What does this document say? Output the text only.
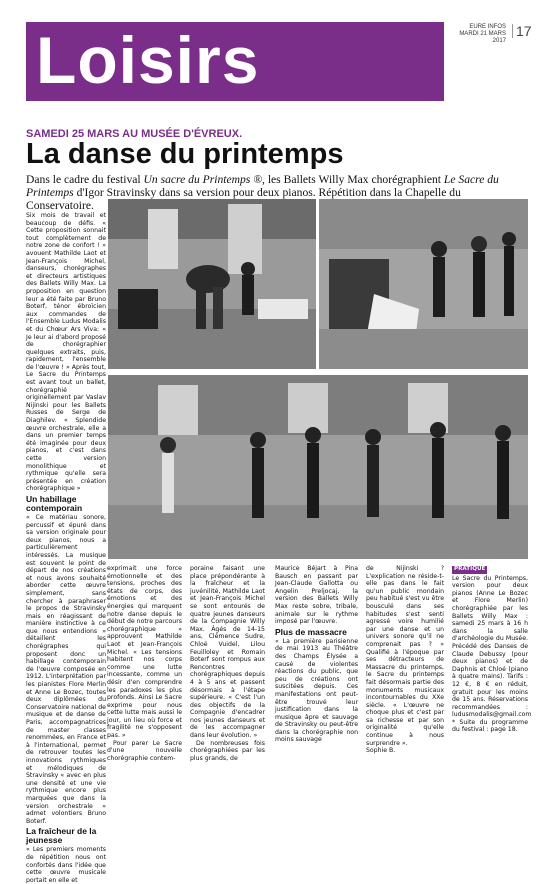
Loisirs	EURE INFOS
MARDI 21 MARS 2017
17
SAMEDI 25 MARS AU MUSÉE D'ÉVREUX.
La danse du printemps
Dans le cadre du festival Un sacre du Printemps ®, les Ballets Willy Max chorégraphient Le Sacre du Printemps d'Igor Stravinsky dans sa version pour deux pianos. Répétition dans la Chapelle du Conservatoire.

Six mois de travail et beaucoup de défis. « Cette proposition sonnait tout complètement de notre zone de confort ! » avouent Mathilde Laot et Jean-François Michel, danseurs, chorégraphes et directeurs artistiques des Ballets Willy Max. La proposition en question leur a été faite par Bruno Boterf, ténor ébroïcien aux commandes de l'Ensemble Ludus Modalis et du Chœur Ars Viva: « Je leur ai d'abord proposé de chorégraphier quelques extraits, puis, rapidement, l'ensemble de l'œuvre ! » Après tout, Le Sacre du Printemps est avant tout un ballet, chorégraphié originellement par Vaslav Nijinski pour les Ballets Russes de Serge de Diaghilev. « Splendide œuvre orchestrale, elle a dans un premier temps été imaginée pour deux pianos, et c'est dans cette version monolithique et rythmique qu'elle sera présentée en création chorégraphique »

Un habillage contemporain

« Ce matériau sonore, percussif et épuré dans sa version originale pour deux pianos, nous a particulièrement intéressés. La musique est souvent le point de départ de nos créations et nous avons souhaité aborder cette œuvre simplement, sans chercher à paraphraser le propos de Stravinsky mais en réagissant de manière instinctive à ce que nous entendions » détaillent les chorégraphes qui proposent donc un habillage contemporain de l'œuvre composée en 1912. L'interprétation par les pianistes Flore Merlin et Anne Le Bozec, toutes deux diplômées du Conservatoire national de musique et de danse de Paris, accompagnatrices de master classes renommées, en France et à l'international, permet de retrouver toutes les innovations rythmiques et mélodiques de Stravinsky « avec en plus une densité et une vie rythmique encore plus marquées que dans la version orchestrale » admet volontiers Bruno Boterf.

La fraîcheur de la jeunesse

« Les premiers moments de répétition nous ont confortés dans l'idée que cette œuvre musicale portait en elle et

exprimait une force émotionnelle et des tensions, proches des états de corps, des émotions et des énergies qui marquent notre danse depuis le début de notre parcours chorégraphique » approuvent Mathilde Laot et Jean-François Michel. « Les tensions habitent nos corps comme une lutte incessante, comme un désir d'en comprendre les paradoxes les plus profonds. Ainsi Le Sacre exprime pour nous cette lutte mais aussi le jour, un lieu où force et fragilité ne s'opposent pas. »

Pour parer Le Sacre d'une nouvelle chorégraphie contem-

poraine faisant une place prépondérante à la fraîcheur et la juvénilité, Mathilde Laot et Jean-François Michel se sont entourés de quatre jeunes danseurs de la Compagnie Willy Max. Âgés de 14-15 ans, Clémence Sudre, Chloé Vuidel, Lilou Feuilloley et Romain Boterf sont rompus aux Rencontres chorégraphiques depuis 4 à 5 ans et passent désormais à l'étape supérieure. « C'est l'un des objectifs de la Compagnie d'encadrer nos jeunes danseurs et de les accompagner dans leur évolution. »

De nombreuses fois chorégraphiées par les plus grands, de

Maurice Béjart à Pina Bausch en passant par Jean-Claude Gallotta ou Angelin Preljocaj, la version des Ballets Willy Max reste sobre, tribale, animale sur le rythme imposé par l'œuvre.

Plus de massacre

« La première parisienne de mai 1913 au Théâtre des Champs Élysée a causé de violentes réactions du public, que peu de créations ont suscitées depuis. Ces manifestations ont peut-être trouvé leur justification dans la musique âpre et sauvage de Stravinsky ou peut-être dans la chorégraphie non moins sauvage

de Nijinski ? L'explication ne réside-t-elle pas dans le fait qu'un public mondain peu habitué s'est vu être bousculé dans ses habitudes s'est senti agressé voire humilié par une danse et un univers sonore qu'il ne comprenait pas ? » Qualifié à l'époque par ses détracteurs de Massacre du printemps, le Sacre du printemps fait désormais partie des monuments musicaux incontournables du XXe siècle. « L'œuvre ne choque plus et c'est par sa richesse et par son originalité qu'elle continue à nous surprendre ».

Sophie B.

PRATIQUE

Le Sacre du Printemps, version pour deux pianos (Anne Le Bozec et Flore Merlin) chorégraphiée par les Ballets Willy Max : samedi 25 mars à 16 h dans la salle d'archéologie du Musée. Précédé des Danses de Claude Debussy (pour deux pianos) et de Daphnis et Chloé (piano à quatre mains). Tarifs : 12 €, 8 € en réduit, gratuit pour les moins de 15 ans. Réservations recommandées : ludusmodalis@gmail.com

* Suite du programme du festival : page 18.
